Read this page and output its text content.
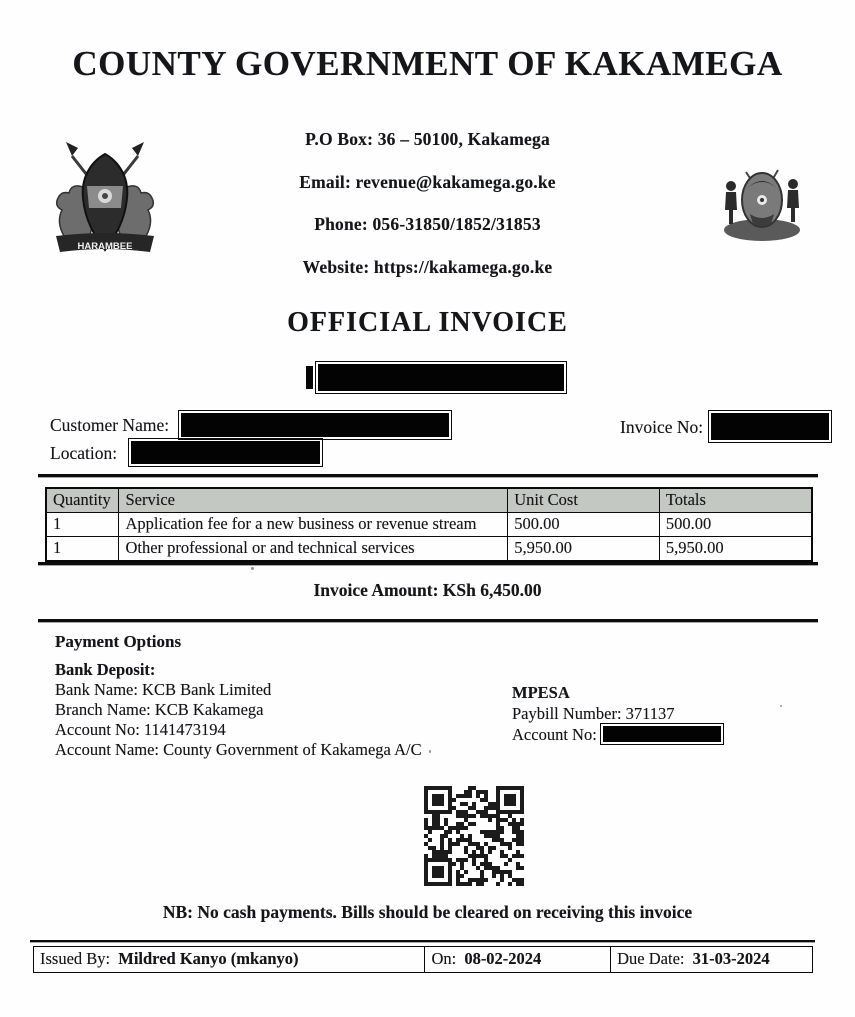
COUNTY GOVERNMENT OF KAKAMEGA
HARAMBEE
P.O Box: 36 – 50100, Kakamega
Email: revenue@kakamega.go.ke
Phone: 056-31850/1852/31853
Website: https://kakamega.go.ke
OFFICIAL INVOICE
Customer Name:	Invoice No:
Location:
Quantity	Service	Unit Cost	Totals
1	Application fee for a new business or revenue stream	500.00	500.00
1	Other professional or and technical services	5,950.00	5,950.00
Invoice Amount: KSh 6,450.00
Payment Options
Bank Deposit:
Bank Name: KCB Bank Limited
Branch Name: KCB Kakamega
Account No: 1141473194
Account Name: County Government of Kakamega A/C
MPESA
Paybill Number: 371137
Account No:
NB: No cash payments. Bills should be cleared on receiving this invoice
Issued By: Mildred Kanyo (mkanyo)	On: 08-02-2024	Due Date: 31-03-2024
